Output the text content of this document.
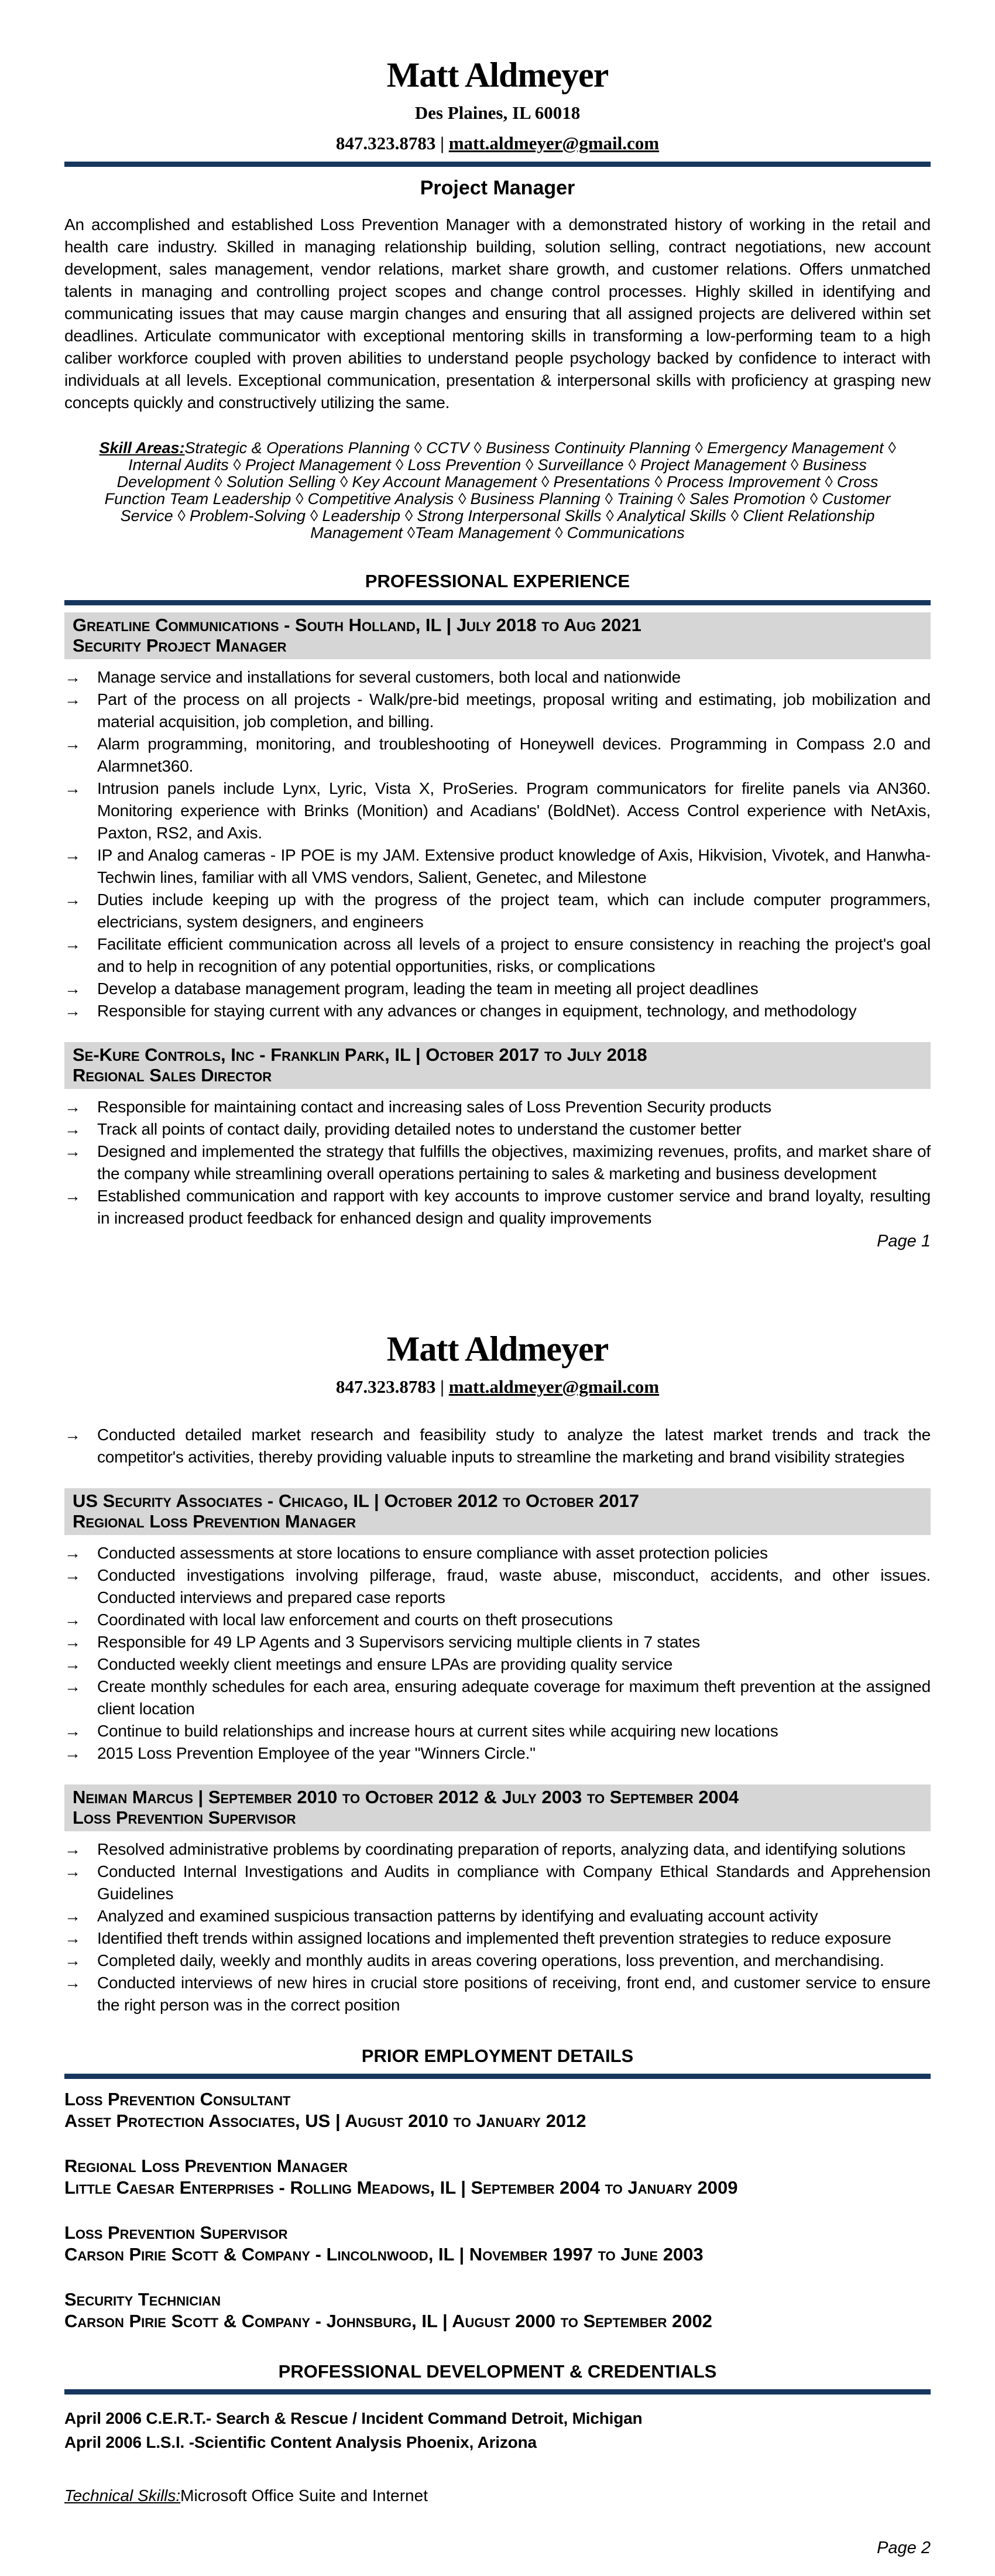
Matt Aldmeyer
Des Plaines, IL 60018
847.323.8783 | matt.aldmeyer@gmail.com
Project Manager

An accomplished and established Loss Prevention Manager with a demonstrated history of working in the retail and health care industry. Skilled in managing relationship building, solution selling, contract negotiations, new account development, sales management, vendor relations, market share growth, and customer relations. Offers unmatched talents in managing and controlling project scopes and change control processes. Highly skilled in identifying and communicating issues that may cause margin changes and ensuring that all assigned projects are delivered within set deadlines. Articulate communicator with exceptional mentoring skills in transforming a low-performing team to a high caliber workforce coupled with proven abilities to understand people psychology backed by confidence to interact with individuals at all levels. Exceptional communication, presentation & interpersonal skills with proficiency at grasping new concepts quickly and constructively utilizing the same.

Skill Areas:Strategic & Operations Planning ◊ CCTV ◊ Business Continuity Planning ◊ Emergency Management ◊ Internal Audits ◊ Project Management ◊ Loss Prevention ◊ Surveillance ◊ Project Management ◊ Business Development ◊ Solution Selling ◊ Key Account Management ◊ Presentations ◊ Process Improvement ◊ Cross Function Team Leadership ◊ Competitive Analysis ◊ Business Planning ◊ Training ◊ Sales Promotion ◊ Customer Service ◊ Problem-Solving ◊ Leadership ◊ Strong Interpersonal Skills ◊ Analytical Skills ◊ Client Relationship Management ◊Team Management ◊ Communications

PROFESSIONAL EXPERIENCE
Greatline Communications - South Holland, IL | July 2018 to Aug 2021
Security Project Manager
→	Manage service and installations for several customers, both local and nationwide
→	Part of the process on all projects - Walk/pre-bid meetings, proposal writing and estimating, job mobilization and material acquisition, job completion, and billing.
→	Alarm programming, monitoring, and troubleshooting of Honeywell devices. Programming in Compass 2.0 and Alarmnet360.
→	Intrusion panels include Lynx, Lyric, Vista X, ProSeries. Program communicators for firelite panels via AN360. Monitoring experience with Brinks (Monition) and Acadians' (BoldNet). Access Control experience with NetAxis, Paxton, RS2, and Axis.
→	IP and Analog cameras - IP POE is my JAM. Extensive product knowledge of Axis, Hikvision, Vivotek, and Hanwha-Techwin lines, familiar with all VMS vendors, Salient, Genetec, and Milestone
→	Duties include keeping up with the progress of the project team, which can include computer programmers, electricians, system designers, and engineers
→	Facilitate efficient communication across all levels of a project to ensure consistency in reaching the project's goal and to help in recognition of any potential opportunities, risks, or complications
→	Develop a database management program, leading the team in meeting all project deadlines
→	Responsible for staying current with any advances or changes in equipment, technology, and methodology
Se-Kure Controls, Inc - Franklin Park, IL | October 2017 to July 2018
Regional Sales Director
→	Responsible for maintaining contact and increasing sales of Loss Prevention Security products
→	Track all points of contact daily, providing detailed notes to understand the customer better
→	Designed and implemented the strategy that fulfills the objectives, maximizing revenues, profits, and market share of the company while streamlining overall operations pertaining to sales & marketing and business development
→	Established communication and rapport with key accounts to improve customer service and brand loyalty, resulting in increased product feedback for enhanced design and quality improvements
Page 1
Matt Aldmeyer
847.323.8783 | matt.aldmeyer@gmail.com
→	Conducted detailed market research and feasibility study to analyze the latest market trends and track the competitor's activities, thereby providing valuable inputs to streamline the marketing and brand visibility strategies
US Security Associates - Chicago, IL | October 2012 to October 2017
Regional Loss Prevention Manager
→	Conducted assessments at store locations to ensure compliance with asset protection policies
→	Conducted investigations involving pilferage, fraud, waste abuse, misconduct, accidents, and other issues. Conducted interviews and prepared case reports
→	Coordinated with local law enforcement and courts on theft prosecutions
→	Responsible for 49 LP Agents and 3 Supervisors servicing multiple clients in 7 states
→	Conducted weekly client meetings and ensure LPAs are providing quality service
→	Create monthly schedules for each area, ensuring adequate coverage for maximum theft prevention at the assigned client location
→	Continue to build relationships and increase hours at current sites while acquiring new locations
→	2015 Loss Prevention Employee of the year "Winners Circle."
Neiman Marcus | September 2010 to October 2012 & July 2003 to September 2004
Loss Prevention Supervisor
→	Resolved administrative problems by coordinating preparation of reports, analyzing data, and identifying solutions
→	Conducted Internal Investigations and Audits in compliance with Company Ethical Standards and Apprehension Guidelines
→	Analyzed and examined suspicious transaction patterns by identifying and evaluating account activity
→	Identified theft trends within assigned locations and implemented theft prevention strategies to reduce exposure
→	Completed daily, weekly and monthly audits in areas covering operations, loss prevention, and merchandising.
→	Conducted interviews of new hires in crucial store positions of receiving, front end, and customer service to ensure the right person was in the correct position
PRIOR EMPLOYMENT DETAILS
Loss Prevention Consultant
Asset Protection Associates, US | August 2010 to January 2012
Regional Loss Prevention Manager
Little Caesar Enterprises - Rolling Meadows, IL | September 2004 to January 2009
Loss Prevention Supervisor
Carson Pirie Scott & Company - Lincolnwood, IL | November 1997 to June 2003
Security Technician
Carson Pirie Scott & Company - Johnsburg, IL | August 2000 to September 2002
PROFESSIONAL DEVELOPMENT & CREDENTIALS
April 2006 C.E.R.T.- Search & Rescue / Incident Command Detroit, Michigan
April 2006 L.S.I. -Scientific Content Analysis Phoenix, Arizona
Technical Skills:Microsoft Office Suite and Internet
Page 2
